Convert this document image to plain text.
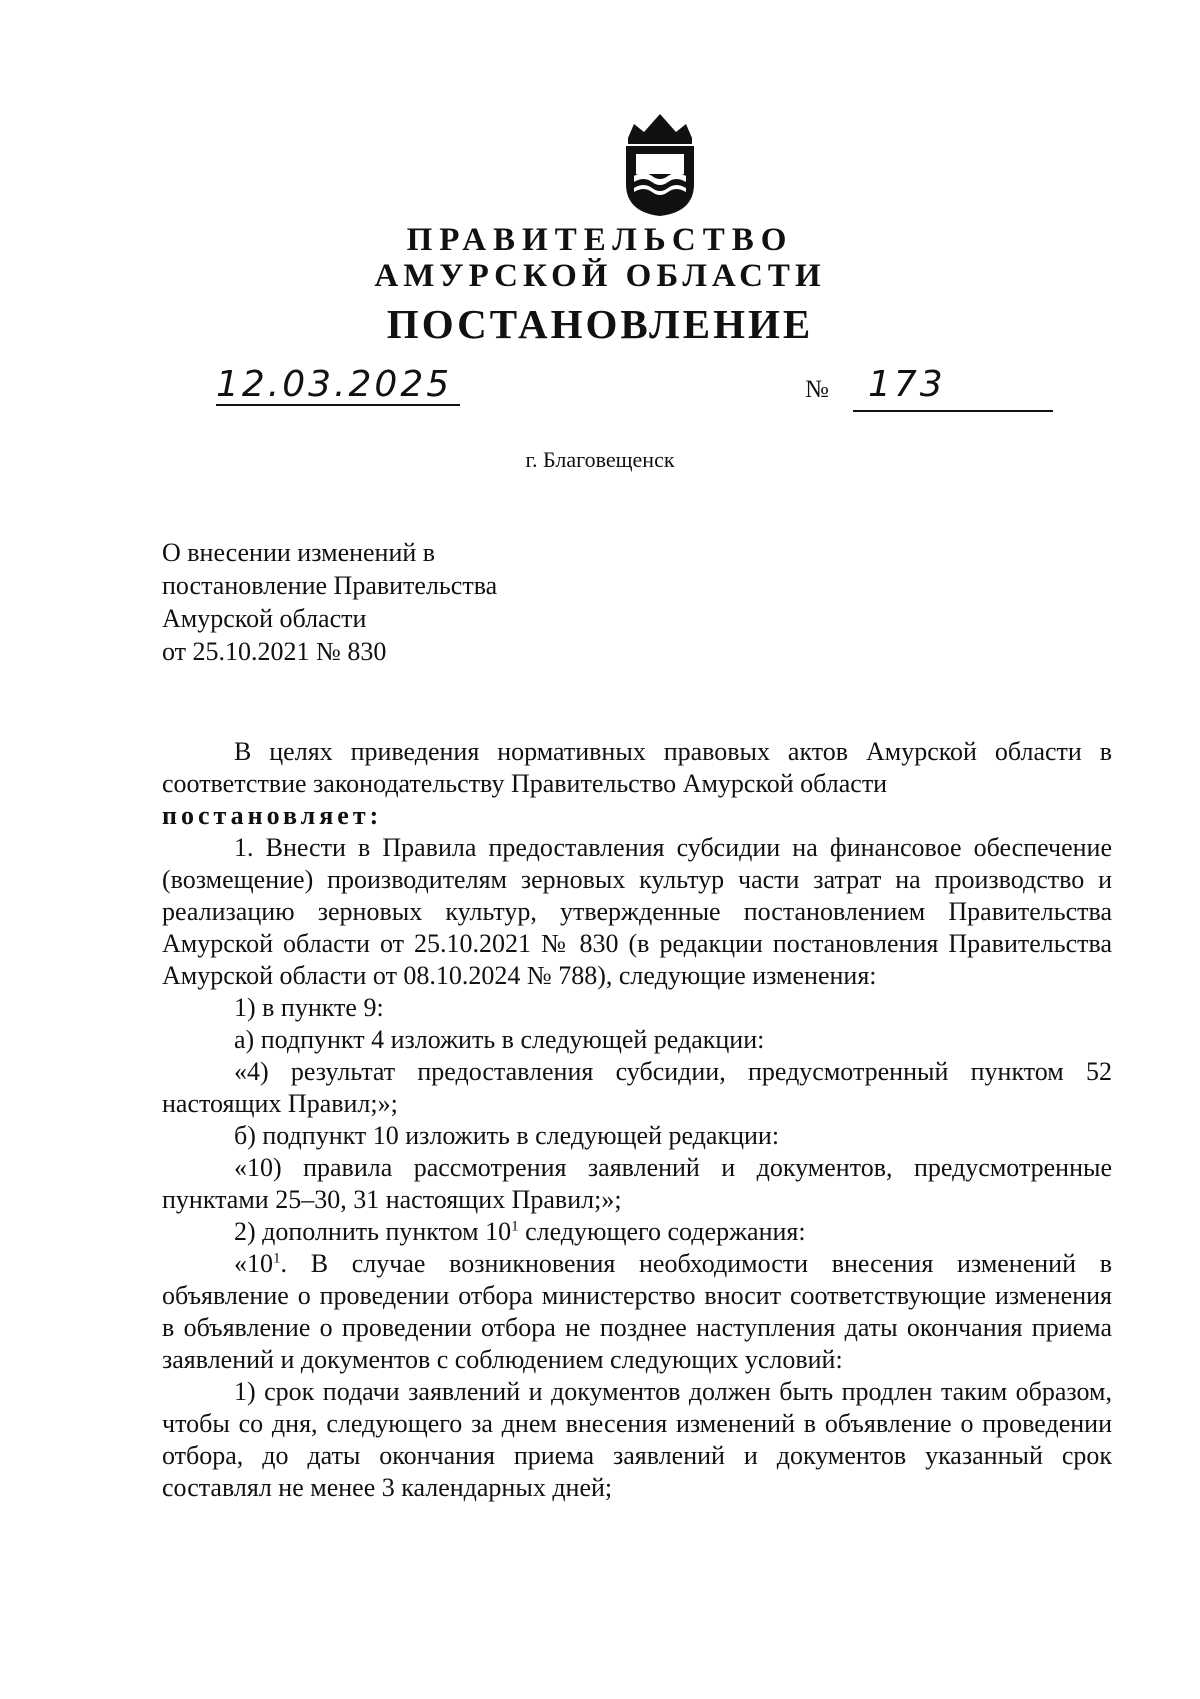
ПРАВИТЕЛЬСТВО
АМУРСКОЙ ОБЛАСТИ
ПОСТАНОВЛЕНИЕ
12.03.2025	№ 173
г. Благовещенск
О внесении изменений в
постановление Правительства
Амурской области
от 25.10.2021 № 830

В целях приведения нормативных правовых актов Амурской области в соответствие законодательству Правительство Амурской области

постановляет:

1. Внести в Правила предоставления субсидии на финансовое обеспечение (возмещение) производителям зерновых культур части затрат на производство и реализацию зерновых культур, утвержденные постановлением Правительства Амурской области от 25.10.2021 № 830 (в редакции постановления Правительства Амурской области от 08.10.2024 № 788), следующие изменения:

1) в пункте 9:

а) подпункт 4 изложить в следующей редакции:

«4) результат предоставления субсидии, предусмотренный пунктом 52 настоящих Правил;»;

б) подпункт 10 изложить в следующей редакции:

«10) правила рассмотрения заявлений и документов, предусмотренные пунктами 25–30, 31 настоящих Правил;»;

2) дополнить пунктом $10^1$ следующего содержания:

«$10^1$. В случае возникновения необходимости внесения изменений в объявление о проведении отбора министерство вносит соответствующие изменения в объявление о проведении отбора не позднее наступления даты окончания приема заявлений и документов с соблюдением следующих условий:

1) срок подачи заявлений и документов должен быть продлен таким образом, чтобы со дня, следующего за днем внесения изменений в объявление о проведении отбора, до даты окончания приема заявлений и документов указанный срок составлял не менее 3 календарных дней;
